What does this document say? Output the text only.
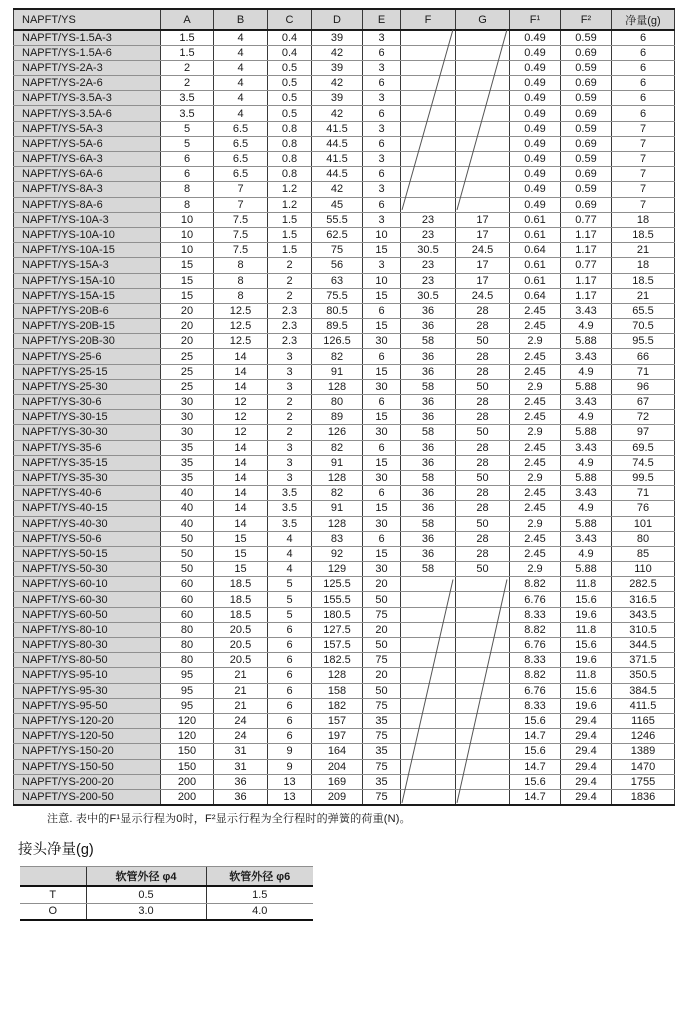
NAPFT/YS	A	B	C	D	E	F	G	F¹	F²	净量(g)
NAPFT/YS-1.5A-3	1.5	4	0.4	39	3			0.49	0.59	6
NAPFT/YS-1.5A-6	1.5	4	0.4	42	6			0.49	0.69	6
NAPFT/YS-2A-3	2	4	0.5	39	3			0.49	0.59	6
NAPFT/YS-2A-6	2	4	0.5	42	6			0.49	0.69	6
NAPFT/YS-3.5A-3	3.5	4	0.5	39	3			0.49	0.59	6
NAPFT/YS-3.5A-6	3.5	4	0.5	42	6			0.49	0.69	6
NAPFT/YS-5A-3	5	6.5	0.8	41.5	3			0.49	0.59	7
NAPFT/YS-5A-6	5	6.5	0.8	44.5	6			0.49	0.69	7
NAPFT/YS-6A-3	6	6.5	0.8	41.5	3			0.49	0.59	7
NAPFT/YS-6A-6	6	6.5	0.8	44.5	6			0.49	0.69	7
NAPFT/YS-8A-3	8	7	1.2	42	3			0.49	0.59	7
NAPFT/YS-8A-6	8	7	1.2	45	6			0.49	0.69	7
NAPFT/YS-10A-3	10	7.5	1.5	55.5	3	23	17	0.61	0.77	18
NAPFT/YS-10A-10	10	7.5	1.5	62.5	10	23	17	0.61	1.17	18.5
NAPFT/YS-10A-15	10	7.5	1.5	75	15	30.5	24.5	0.64	1.17	21
NAPFT/YS-15A-3	15	8	2	56	3	23	17	0.61	0.77	18
NAPFT/YS-15A-10	15	8	2	63	10	23	17	0.61	1.17	18.5
NAPFT/YS-15A-15	15	8	2	75.5	15	30.5	24.5	0.64	1.17	21
NAPFT/YS-20B-6	20	12.5	2.3	80.5	6	36	28	2.45	3.43	65.5
NAPFT/YS-20B-15	20	12.5	2.3	89.5	15	36	28	2.45	4.9	70.5
NAPFT/YS-20B-30	20	12.5	2.3	126.5	30	58	50	2.9	5.88	95.5
NAPFT/YS-25-6	25	14	3	82	6	36	28	2.45	3.43	66
NAPFT/YS-25-15	25	14	3	91	15	36	28	2.45	4.9	71
NAPFT/YS-25-30	25	14	3	128	30	58	50	2.9	5.88	96
NAPFT/YS-30-6	30	12	2	80	6	36	28	2.45	3.43	67
NAPFT/YS-30-15	30	12	2	89	15	36	28	2.45	4.9	72
NAPFT/YS-30-30	30	12	2	126	30	58	50	2.9	5.88	97
NAPFT/YS-35-6	35	14	3	82	6	36	28	2.45	3.43	69.5
NAPFT/YS-35-15	35	14	3	91	15	36	28	2.45	4.9	74.5
NAPFT/YS-35-30	35	14	3	128	30	58	50	2.9	5.88	99.5
NAPFT/YS-40-6	40	14	3.5	82	6	36	28	2.45	3.43	71
NAPFT/YS-40-15	40	14	3.5	91	15	36	28	2.45	4.9	76
NAPFT/YS-40-30	40	14	3.5	128	30	58	50	2.9	5.88	101
NAPFT/YS-50-6	50	15	4	83	6	36	28	2.45	3.43	80
NAPFT/YS-50-15	50	15	4	92	15	36	28	2.45	4.9	85
NAPFT/YS-50-30	50	15	4	129	30	58	50	2.9	5.88	110
NAPFT/YS-60-10	60	18.5	5	125.5	20			8.82	11.8	282.5
NAPFT/YS-60-30	60	18.5	5	155.5	50			6.76	15.6	316.5
NAPFT/YS-60-50	60	18.5	5	180.5	75			8.33	19.6	343.5
NAPFT/YS-80-10	80	20.5	6	127.5	20			8.82	11.8	310.5
NAPFT/YS-80-30	80	20.5	6	157.5	50			6.76	15.6	344.5
NAPFT/YS-80-50	80	20.5	6	182.5	75			8.33	19.6	371.5
NAPFT/YS-95-10	95	21	6	128	20			8.82	11.8	350.5
NAPFT/YS-95-30	95	21	6	158	50			6.76	15.6	384.5
NAPFT/YS-95-50	95	21	6	182	75			8.33	19.6	411.5
NAPFT/YS-120-20	120	24	6	157	35			15.6	29.4	1165
NAPFT/YS-120-50	120	24	6	197	75			14.7	29.4	1246
NAPFT/YS-150-20	150	31	9	164	35			15.6	29.4	1389
NAPFT/YS-150-50	150	31	9	204	75			14.7	29.4	1470
NAPFT/YS-200-20	200	36	13	169	35			15.6	29.4	1755
NAPFT/YS-200-50	200	36	13	209	75			14.7	29.4	1836
注意. 表中的F¹显示行程为0时，F²显示行程为全行程时的弹簧的荷重(N)。
接头净量(g)
	软管外径 φ4	软管外径 φ6
T	0.5	1.5
O	3.0	4.0
